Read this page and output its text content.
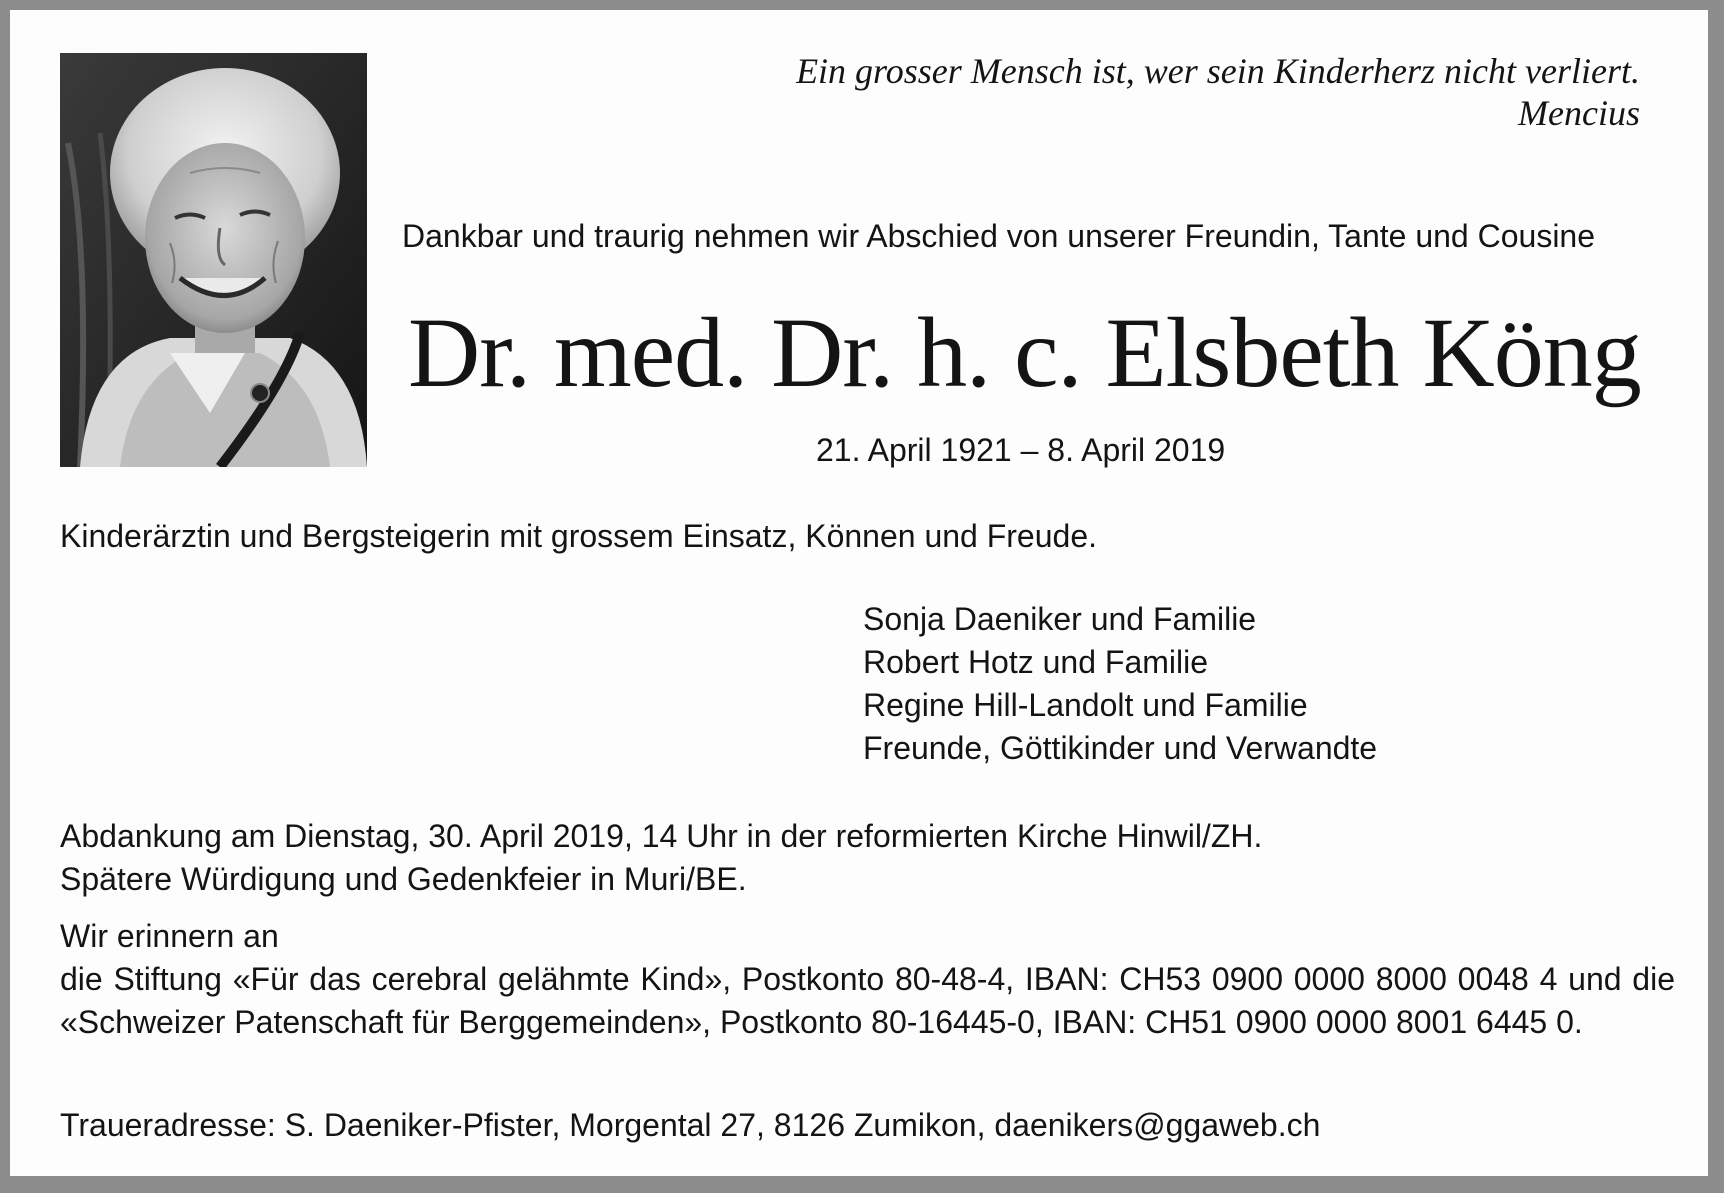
Ein grosser Mensch ist, wer sein Kinderherz nicht verliert.
Mencius
Dankbar und traurig nehmen wir Abschied von unserer Freundin, Tante und Cousine
Dr. med. Dr. h. c. Elsbeth Köng
21. April 1921 – 8. April 2019
Kinderärztin und Bergsteigerin mit grossem Einsatz, Können und Freude.
Sonja Daeniker und Familie
Robert Hotz und Familie
Regine Hill-Landolt und Familie
Freunde, Göttikinder und Verwandte
Abdankung am Dienstag, 30. April 2019, 14 Uhr in der reformierten Kirche Hinwil/ZH.
Spätere Würdigung und Gedenkfeier in Muri/BE.
Wir erinnern an
die Stiftung «Für das cerebral gelähmte Kind», Postkonto 80-48-4, IBAN: CH53 0900 0000 8000 0048 4 und die «Schweizer Patenschaft für Berggemeinden», Postkonto 80-16445-0, IBAN: CH51 0900 0000 8001 6445 0.
Traueradresse: S. Daeniker-Pfister, Morgental 27, 8126 Zumikon, daenikers@ggaweb.ch
